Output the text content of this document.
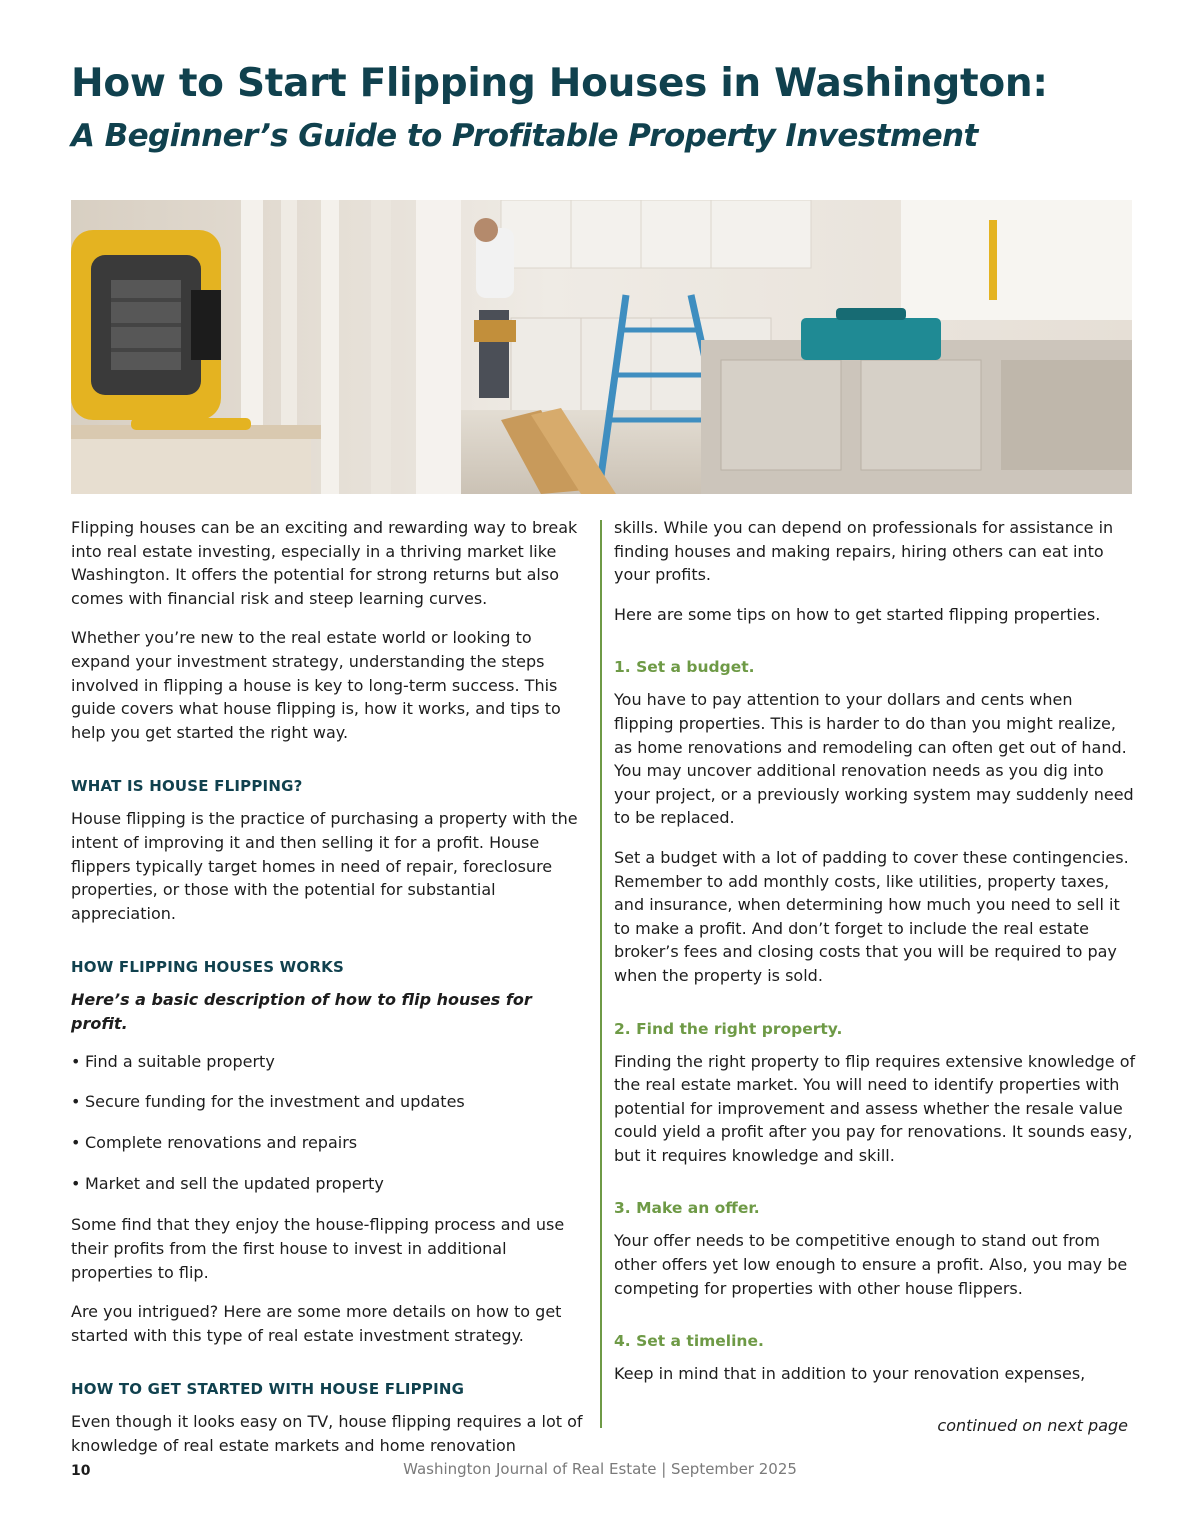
How to Start Flipping Houses in Washington:
A Beginner’s Guide to Profitable Property Investment

Flipping houses can be an exciting and rewarding way to break into real estate investing, especially in a thriving market like Washington. It offers the potential for strong returns but also comes with financial risk and steep learning curves.

Whether you’re new to the real estate world or looking to expand your investment strategy, understanding the steps involved in flipping a house is key to long-term success. This guide covers what house flipping is, how it works, and tips to help you get started the right way.

WHAT IS HOUSE FLIPPING?

House flipping is the practice of purchasing a property with the intent of improving it and then selling it for a profit. House flippers typically target homes in need of repair, foreclosure properties, or those with the potential for substantial appreciation.

HOW FLIPPING HOUSES WORKS

Here’s a basic description of how to flip houses for profit.

• Find a suitable property
• Secure funding for the investment and updates
• Complete renovations and repairs
• Market and sell the updated property

Some find that they enjoy the house-flipping process and use their profits from the first house to invest in additional properties to flip.

Are you intrigued? Here are some more details on how to get started with this type of real estate investment strategy.

HOW TO GET STARTED WITH HOUSE FLIPPING

Even though it looks easy on TV, house flipping requires a lot of knowledge of real estate markets and home renovation

skills. While you can depend on professionals for assistance in finding houses and making repairs, hiring others can eat into your profits.

Here are some tips on how to get started flipping properties.

1. Set a budget.

You have to pay attention to your dollars and cents when flipping properties. This is harder to do than you might realize, as home renovations and remodeling can often get out of hand. You may uncover additional renovation needs as you dig into your project, or a previously working system may suddenly need to be replaced.

Set a budget with a lot of padding to cover these contingencies. Remember to add monthly costs, like utilities, property taxes, and insurance, when determining how much you need to sell it to make a profit. And don’t forget to include the real estate broker’s fees and closing costs that you will be required to pay when the property is sold.

2. Find the right property.

Finding the right property to flip requires extensive knowledge of the real estate market. You will need to identify properties with potential for improvement and assess whether the resale value could yield a profit after you pay for renovations. It sounds easy, but it requires knowledge and skill.

3. Make an offer.

Your offer needs to be competitive enough to stand out from other offers yet low enough to ensure a profit. Also, you may be competing for properties with other house flippers.

4. Set a timeline.

Keep in mind that in addition to your renovation expenses,

continued on next page
10	Washington Journal of Real Estate | September 2025
